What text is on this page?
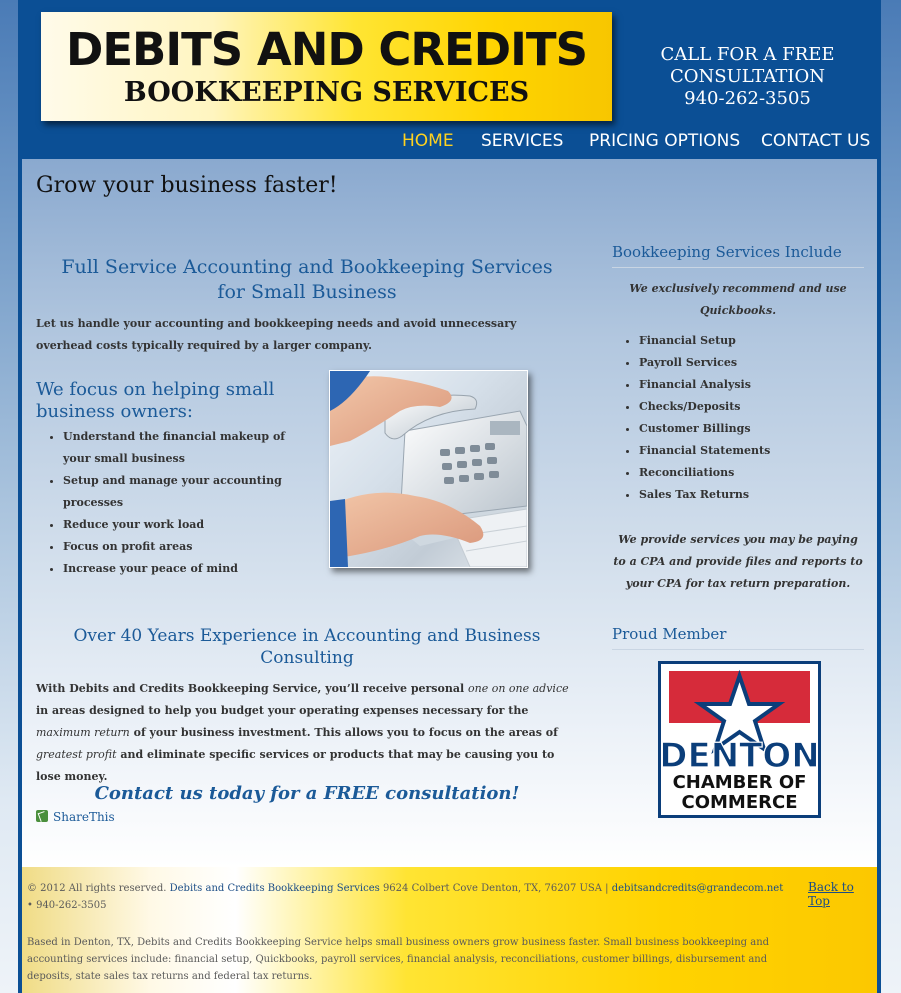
DEBITS AND CREDITS
BOOKKEEPING SERVICES
CALL FOR A FREE
CONSULTATION
940-262-3505
HOME SERVICES PRICING OPTIONS CONTACT US
Grow your business faster!
Full Service Accounting and Bookkeeping Services for Small Business
Let us handle your accounting and bookkeeping needs and avoid unnecessary overhead costs typically required by a larger company.
We focus on helping small business owners:
• Understand the financial makeup of your small business
• Setup and manage your accounting processes
• Reduce your work load
• Focus on profit areas
• Increase your peace of mind
Over 40 Years Experience in Accounting and Business Consulting
With Debits and Credits Bookkeeping Service, you’ll receive personal one on one advice in areas designed to help you budget your operating expenses necessary for the maximum return of your business investment. This allows you to focus on the areas of greatest profit and eliminate specific services or products that may be causing you to lose money.
Contact us today for a FREE consultation!
ShareThis
Bookkeeping Services Include
We exclusively recommend and use Quickbooks.
• Financial Setup
• Payroll Services
• Financial Analysis
• Checks/Deposits
• Customer Billings
• Financial Statements
• Reconciliations
• Sales Tax Returns
We provide services you may be paying to a CPA and provide files and reports to your CPA for tax return preparation.
Proud Member
DENTON
CHAMBER OF
COMMERCE
© 2012 All rights reserved. Debits and Credits Bookkeeping Services 9624 Colbert Cove Denton, TX, 76207 USA | debitsandcredits@grandecom.net • 940-262-3505
Back to Top
Based in Denton, TX, Debits and Credits Bookkeeping Service helps small business owners grow business faster. Small business bookkeeping and accounting services include: financial setup, Quickbooks, payroll services, financial analysis, reconciliations, customer billings, disbursement and deposits, state sales tax returns and federal tax returns.
